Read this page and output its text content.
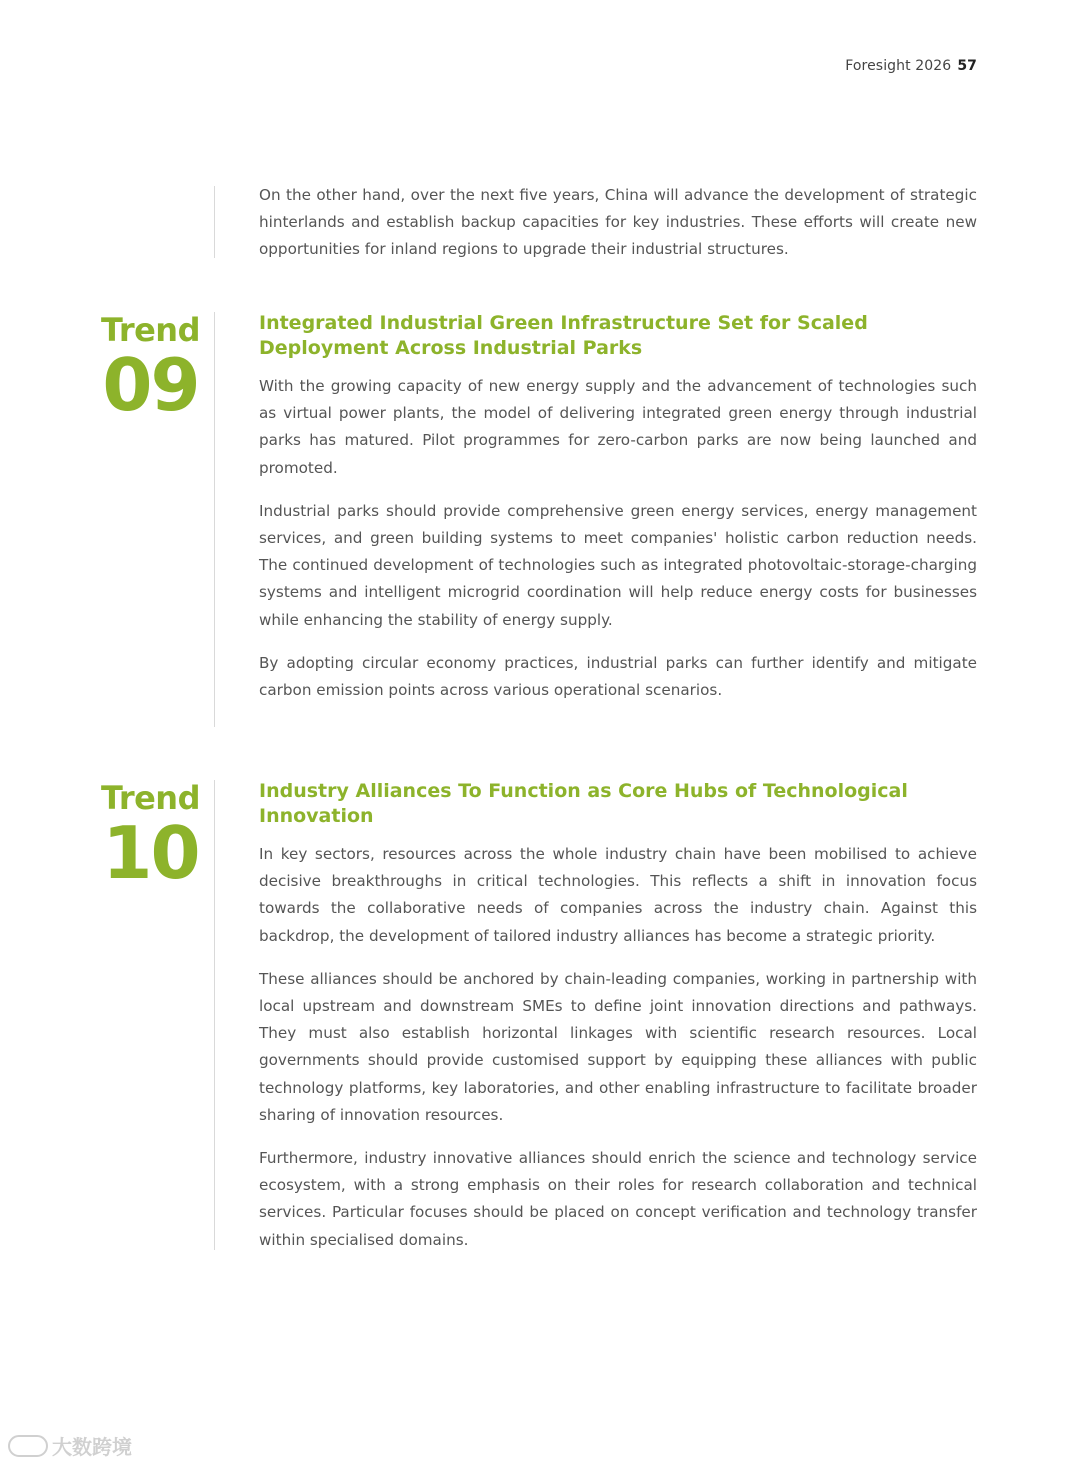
Foresight 2026 57

On the other hand, over the next five years, China will advance the development of strategic hinterlands and establish backup capacities for key industries. These efforts will create new opportunities for inland regions to upgrade their industrial structures.

Trend
09
Integrated Industrial Green Infrastructure Set for Scaled Deployment Across Industrial Parks

With the growing capacity of new energy supply and the advancement of technologies such as virtual power plants, the model of delivering integrated green energy through industrial parks has matured. Pilot programmes for zero-carbon parks are now being launched and promoted.

Industrial parks should provide comprehensive green energy services, energy management services, and green building systems to meet companies' holistic carbon reduction needs. The continued development of technologies such as integrated photovoltaic-storage-charging systems and intelligent microgrid coordination will help reduce energy costs for businesses while enhancing the stability of energy supply.

By adopting circular economy practices, industrial parks can further identify and mitigate carbon emission points across various operational scenarios.

Trend
10
Industry Alliances To Function as Core Hubs of Technological Innovation

In key sectors, resources across the whole industry chain have been mobilised to achieve decisive breakthroughs in critical technologies. This reflects a shift in innovation focus towards the collaborative needs of companies across the industry chain. Against this backdrop, the development of tailored industry alliances has become a strategic priority.

These alliances should be anchored by chain-leading companies, working in partnership with local upstream and downstream SMEs to define joint innovation directions and pathways. They must also establish horizontal linkages with scientific research resources. Local governments should provide customised support by equipping these alliances with public technology platforms, key laboratories, and other enabling infrastructure to facilitate broader sharing of innovation resources.

Furthermore, industry innovative alliances should enrich the science and technology service ecosystem, with a strong emphasis on their roles for research collaboration and technical services. Particular focuses should be placed on concept verification and technology transfer within specialised domains.

大数跨境
